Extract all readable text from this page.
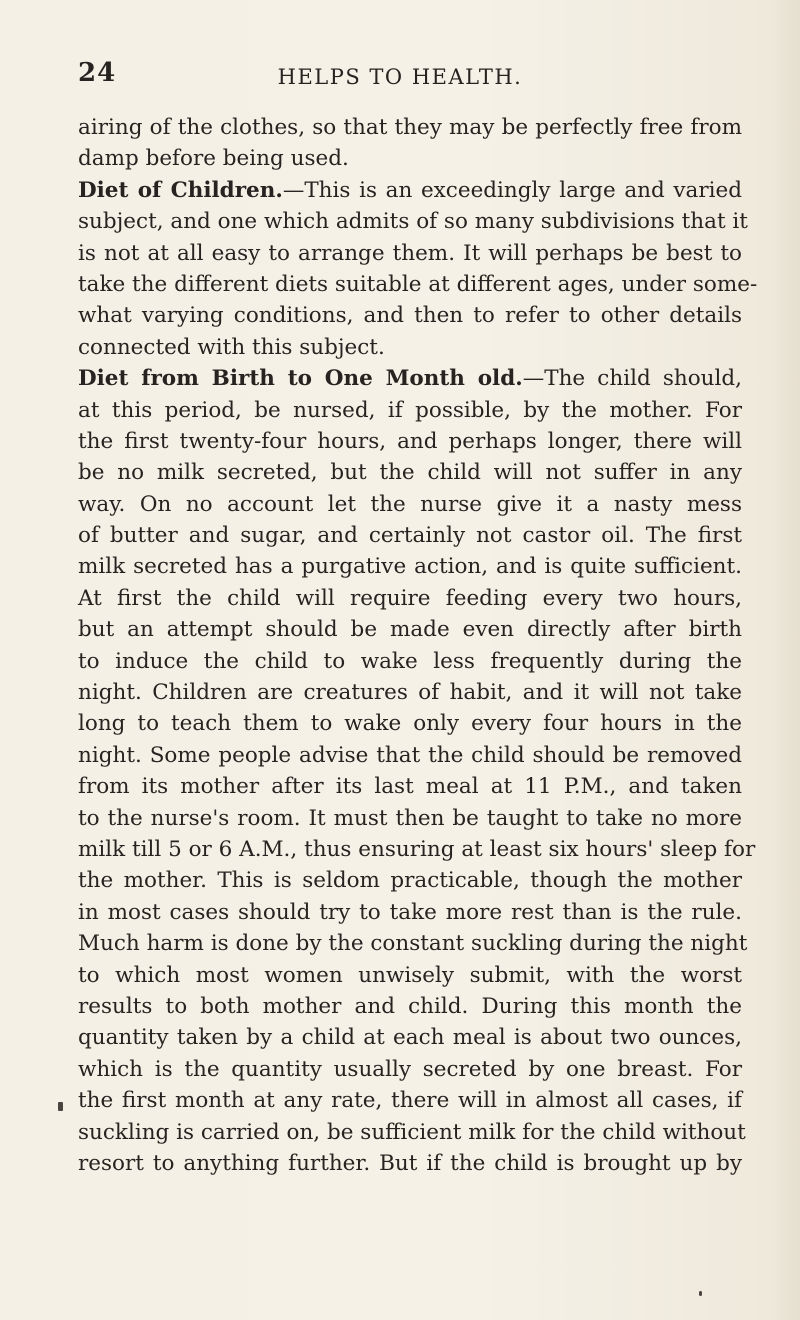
24	HELPS TO HEALTH.
airing of the clothes, so that they may be perfectly free from
damp before being used.
Diet of Children.—This is an exceedingly large and varied
subject, and one which admits of so many subdivisions that it
is not at all easy to arrange them. It will perhaps be best to
take the different diets suitable at different ages, under some-
what varying conditions, and then to refer to other details
connected with this subject.
Diet from Birth to One Month old.—The child should,
at this period, be nursed, if possible, by the mother. For
the first twenty-four hours, and perhaps longer, there will
be no milk secreted, but the child will not suffer in any
way. On no account let the nurse give it a nasty mess
of butter and sugar, and certainly not castor oil. The first
milk secreted has a purgative action, and is quite sufficient.
At first the child will require feeding every two hours,
but an attempt should be made even directly after birth
to induce the child to wake less frequently during the
night. Children are creatures of habit, and it will not take
long to teach them to wake only every four hours in the
night. Some people advise that the child should be removed
from its mother after its last meal at 11 P.M., and taken
to the nurse's room. It must then be taught to take no more
milk till 5 or 6 A.M., thus ensuring at least six hours' sleep for
the mother. This is seldom practicable, though the mother
in most cases should try to take more rest than is the rule.
Much harm is done by the constant suckling during the night
to which most women unwisely submit, with the worst
results to both mother and child. During this month the
quantity taken by a child at each meal is about two ounces,
which is the quantity usually secreted by one breast. For
the first month at any rate, there will in almost all cases, if
suckling is carried on, be sufficient milk for the child without
resort to anything further. But if the child is brought up by
